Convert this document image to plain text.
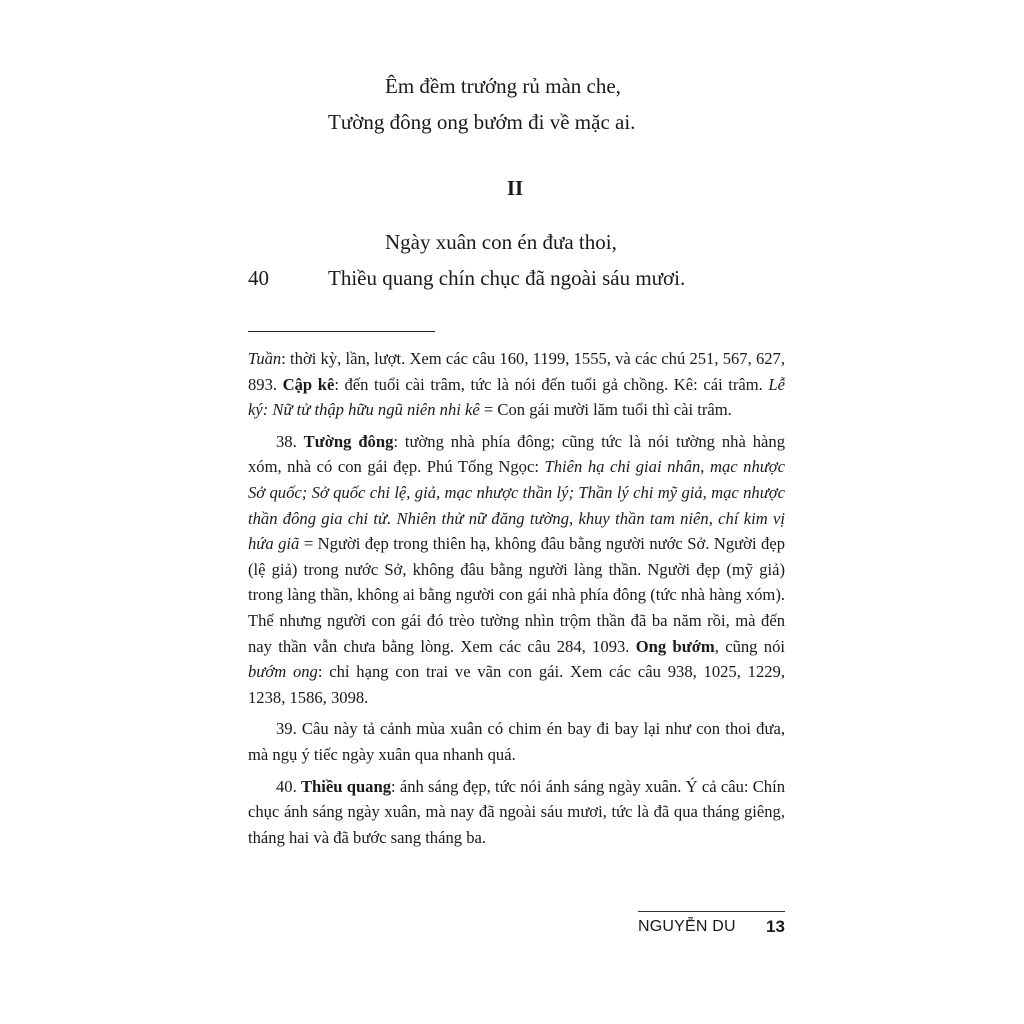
Êm đềm trướng rủ màn che,
Tường đông ong bướm đi về mặc ai.
II
Ngày xuân con én đưa thoi,
40	Thiều quang chín chục đã ngoài sáu mươi.

Tuần: thời kỳ, lần, lượt. Xem các câu 160, 1199, 1555, và các chú 251, 567, 627, 893. Cập kê: đến tuổi cài trâm, tức là nói đến tuổi gả chồng. Kê: cái trâm. Lễ ký: Nữ tử thập hữu ngũ niên nhi kê = Con gái mười lăm tuổi thì cài trâm.

38. Tường đông: tường nhà phía đông; cũng tức là nói tường nhà hàng xóm, nhà có con gái đẹp. Phú Tống Ngọc: Thiên hạ chi giai nhân, mạc nhược Sở quốc; Sở quốc chi lệ, giả, mạc nhược thần lý; Thần lý chi mỹ giả, mạc nhược thần đông gia chi tử. Nhiên thử nữ đăng tường, khuy thần tam niên, chí kim vị hứa giã = Người đẹp trong thiên hạ, không đâu bằng người nước Sở. Người đẹp (lệ giả) trong nước Sở, không đâu bằng người làng thần. Người đẹp (mỹ giả) trong làng thần, không ai bằng người con gái nhà phía đông (tức nhà hàng xóm). Thế nhưng người con gái đó trèo tường nhìn trộm thần đã ba năm rồi, mà đến nay thần vẫn chưa bằng lòng. Xem các câu 284, 1093. Ong bướm, cũng nói bướm ong: chỉ hạng con trai ve vãn con gái. Xem các câu 938, 1025, 1229, 1238, 1586, 3098.

39. Câu này tả cảnh mùa xuân có chim én bay đi bay lại như con thoi đưa, mà ngụ ý tiếc ngày xuân qua nhanh quá.

40. Thiều quang: ánh sáng đẹp, tức nói ánh sáng ngày xuân. Ý cả câu: Chín chục ánh sáng ngày xuân, mà nay đã ngoài sáu mươi, tức là đã qua tháng giêng, tháng hai và đã bước sang tháng ba.

NGUYỄN DU 13
